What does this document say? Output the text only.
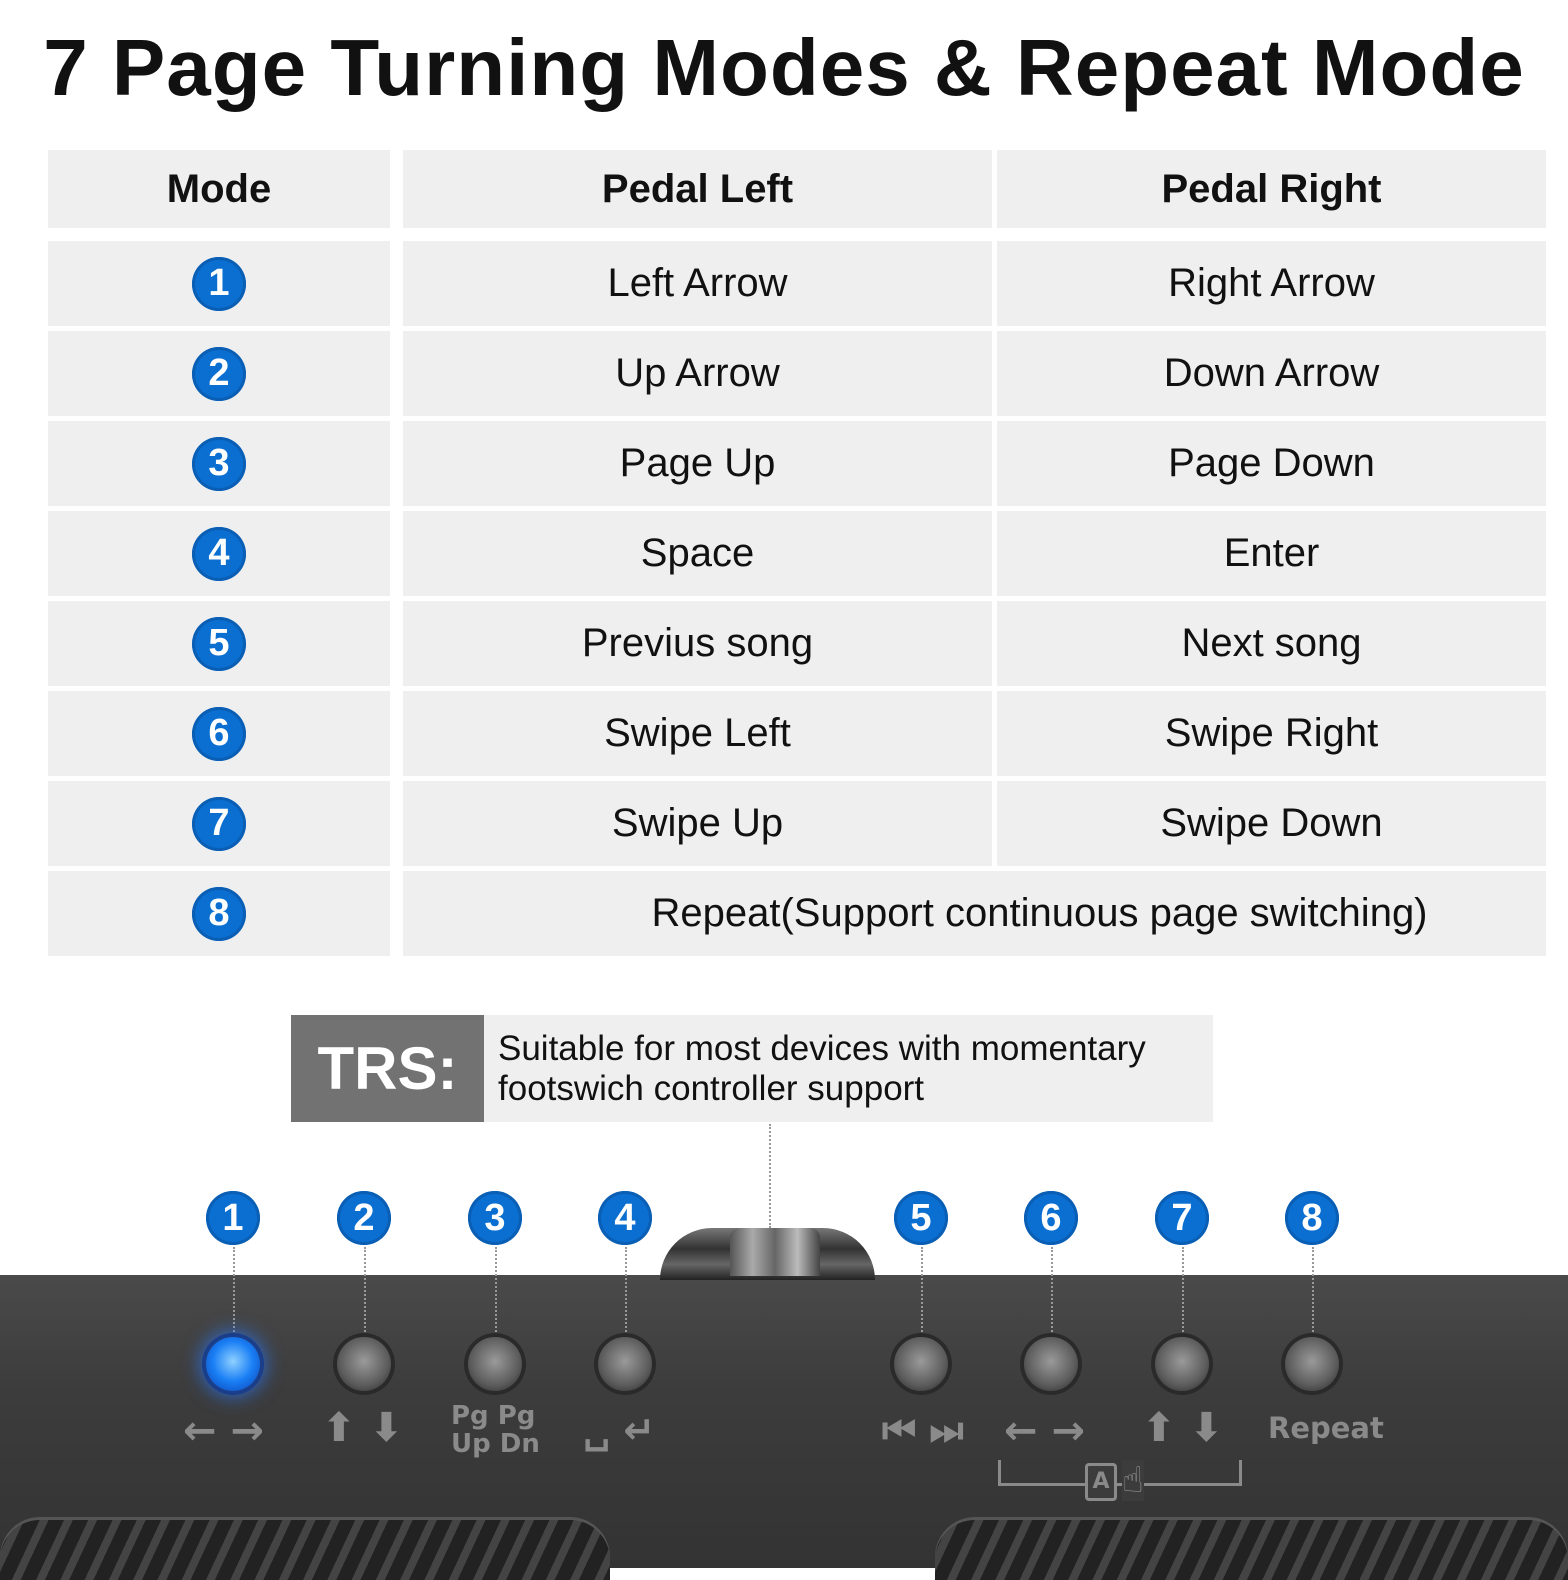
7 Page Turning Modes & Repeat Mode
Mode	Pedal Left	Pedal Right
1	Left Arrow	Right Arrow
2	Up Arrow	Down Arrow
3	Page Up	Page Down
4	Space	Enter
5	Previus song	Next song
6	Swipe Left	Swipe Right
7	Swipe Up	Swipe Down
8	Repeat(Support continuous page switching)
TRS:	Suitable for most devices with momentary
footswich controller support
1	2	3	4	5	6	7	8
← → ⬆ ⬇ Pg Pg
Up Dn ␣ ↵	⏮ ⏭ ← → ⬆ ⬇ Repeat
A ☝
